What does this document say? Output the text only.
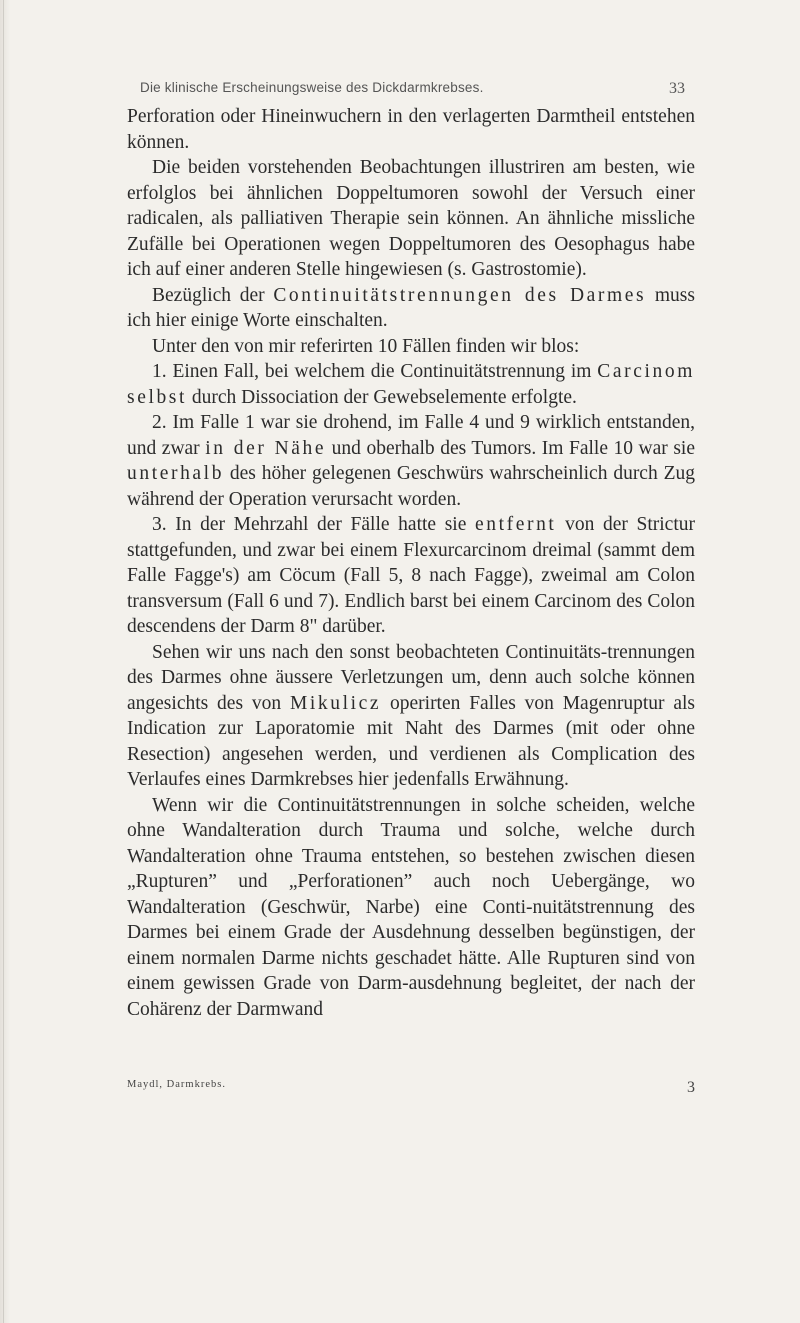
Die klinische Erscheinungsweise des Dickdarmkrebses.	33

Perforation oder Hineinwuchern in den verlagerten Darmtheil entstehen können.

Die beiden vorstehenden Beobachtungen illustriren am besten, wie erfolglos bei ähnlichen Doppeltumoren sowohl der Versuch einer radicalen, als palliativen Therapie sein können. An ähnliche missliche Zufälle bei Operationen wegen Doppeltumoren des Oesophagus habe ich auf einer anderen Stelle hingewiesen (s. Gastrostomie).

Bezüglich der Continuitätstrennungen des Darmes muss ich hier einige Worte einschalten.

Unter den von mir referirten 10 Fällen finden wir blos:

1. Einen Fall, bei welchem die Continuitätstrennung im Carcinom selbst durch Dissociation der Gewebselemente erfolgte.

2. Im Falle 1 war sie drohend, im Falle 4 und 9 wirklich entstanden, und zwar in der Nähe und oberhalb des Tumors. Im Falle 10 war sie unterhalb des höher gelegenen Geschwürs wahrscheinlich durch Zug während der Operation verursacht worden.

3. In der Mehrzahl der Fälle hatte sie entfernt von der Strictur stattgefunden, und zwar bei einem Flexurcarcinom dreimal (sammt dem Falle Fagge's) am Cöcum (Fall 5, 8 nach Fagge), zweimal am Colon transversum (Fall 6 und 7). Endlich barst bei einem Carcinom des Colon descendens der Darm 8" darüber.

Sehen wir uns nach den sonst beobachteten Continuitäts-trennungen des Darmes ohne äussere Verletzungen um, denn auch solche können angesichts des von Mikulicz operirten Falles von Magenruptur als Indication zur Laporatomie mit Naht des Darmes (mit oder ohne Resection) angesehen werden, und verdienen als Complication des Verlaufes eines Darmkrebses hier jedenfalls Erwähnung.

Wenn wir die Continuitätstrennungen in solche scheiden, welche ohne Wandalteration durch Trauma und solche, welche durch Wandalteration ohne Trauma entstehen, so bestehen zwischen diesen „Rupturen” und „Perforationen” auch noch Uebergänge, wo Wandalteration (Geschwür, Narbe) eine Conti-nuitätstrennung des Darmes bei einem Grade der Ausdehnung desselben begünstigen, der einem normalen Darme nichts geschadet hätte. Alle Rupturen sind von einem gewissen Grade von Darm-ausdehnung begleitet, der nach der Cohärenz der Darmwand

Maydl, Darmkrebs.	3
